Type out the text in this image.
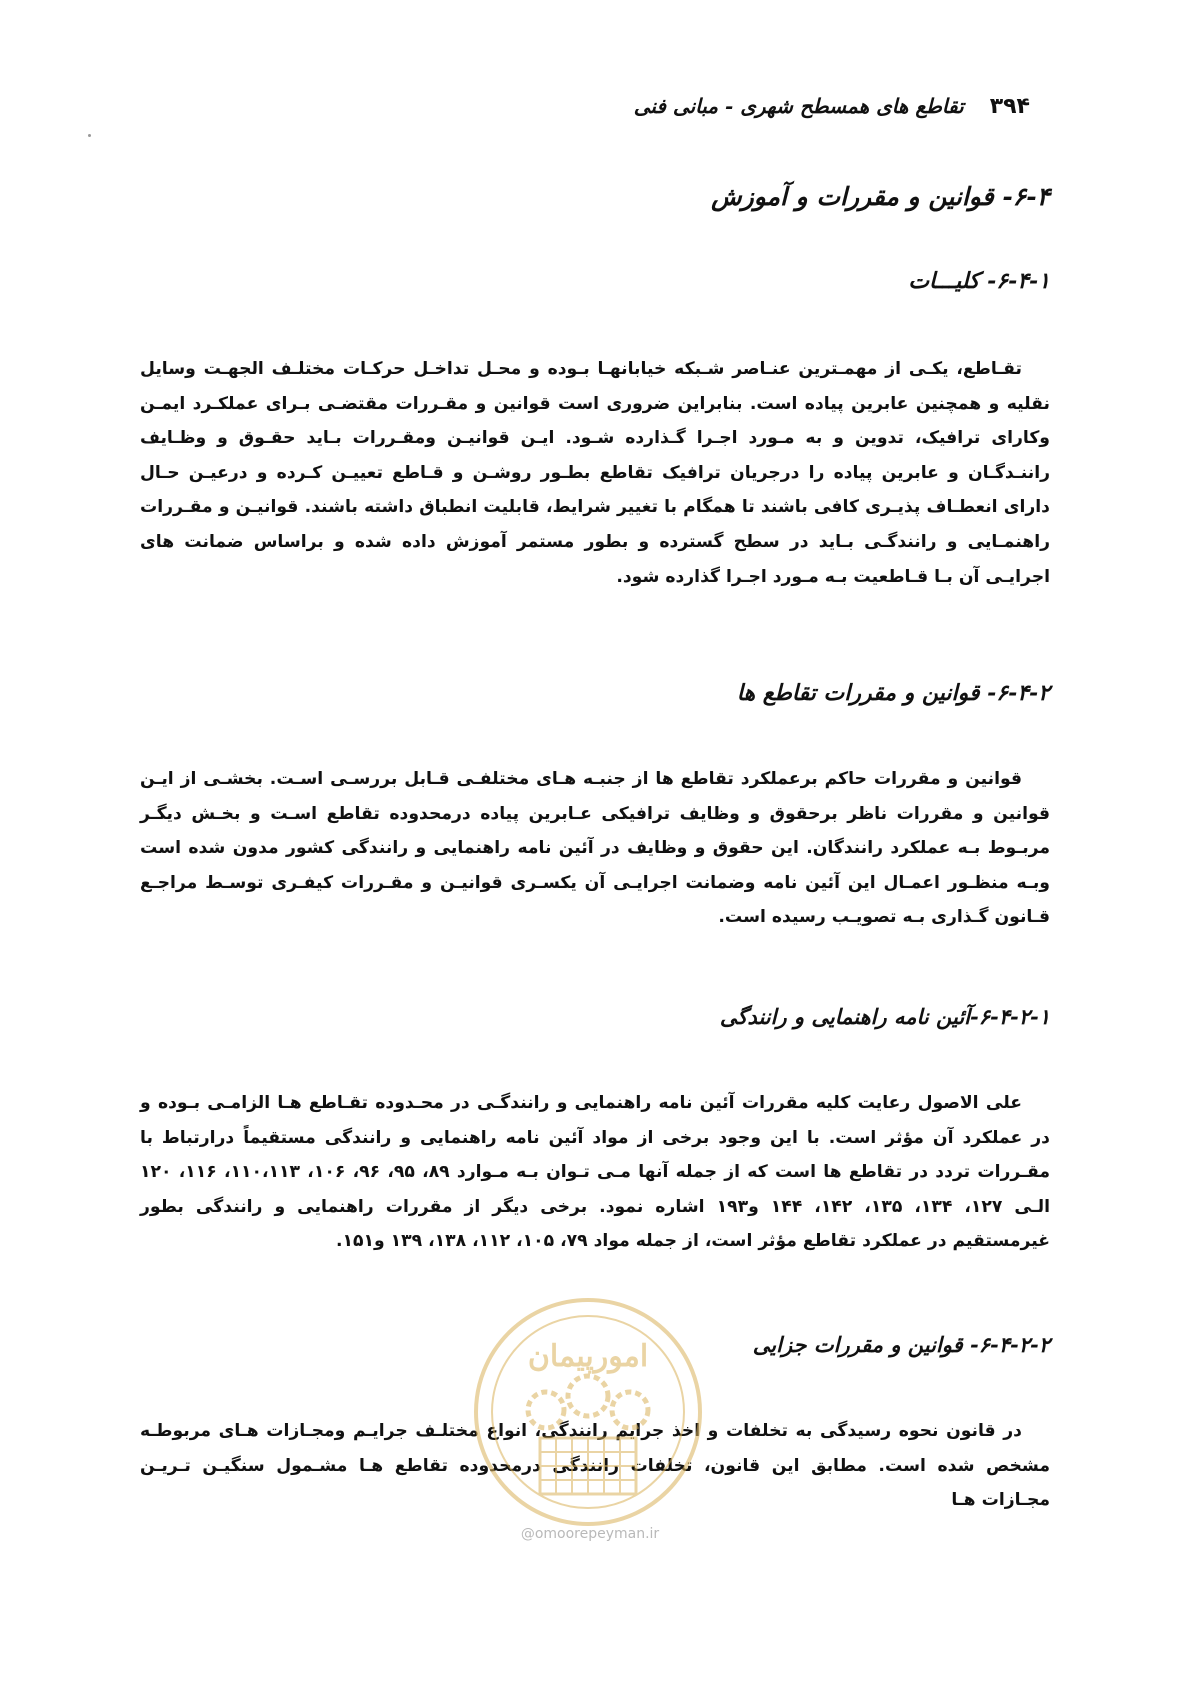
۳۹۴
تقاطع های همسطح شهری - مبانی فنی
۶-۴- قوانین و مقررات و آموزش
۶-۴-۱- کلیـــات
تقـاطع، یکـی از مهمـترین عنـاصر شـبکه خیابانهـا بـوده و محـل تداخـل حرکـات مختلـف الجهـت وسایل نقلیه و همچنین عابرین پیاده است. بنابراین ضروری است قوانین و مقـررات مقتضـی بـرای عملکـرد ایمـن وکارای ترافیک، تدوین و به مـورد اجـرا گـذارده شـود. ایـن قوانیـن ومقـررات بـاید حقـوق و وظـایف راننـدگـان و عابرین پیاده را درجریان ترافیک تقاطع بطـور روشـن و قـاطع تعییـن کـرده و درعیـن حـال دارای انعطـاف پذیـری کافی باشند تا همگام با تغییر شرایط، قابلیت انطباق داشته باشند. قوانیـن و مقـررات راهنمـایی و رانندگـی بـاید در سطح گسترده و بطور مستمر آموزش داده شده و براساس ضمانت های اجرایـی آن بـا قـاطعیت بـه مـورد اجـرا گذارده شود.
۶-۴-۲- قوانین و مقررات تقاطع ها
قوانین و مقررات حاکم برعملکرد تقاطع ها از جنبـه هـای مختلفـی قـابل بررسـی اسـت. بخشـی از ایـن قوانین و مقررات ناظر برحقوق و وظایف ترافیکی عـابرین پیاده درمحدوده تقاطع اسـت و بخـش دیگـر مربـوط بـه عملکرد رانندگان. این حقوق و وظایف در آئین نامه راهنمایی و رانندگی کشور مدون شده است وبـه منظـور اعمـال این آئین نامه وضمانت اجرایـی آن یکسـری قوانیـن و مقـررات کیفـری توسـط مراجـع قـانون گـذاری بـه تصویـب رسیده است.
۶-۴-۲-۱-آئین نامه راهنمایی و رانندگی
علی الاصول رعایت کلیه مقررات آئین نامه راهنمایی و رانندگـی در محـدوده تقـاطع هـا الزامـی بـوده و در عملکرد آن مؤثر است. با این وجود برخی از مواد آئین نامه راهنمایی و رانندگی مستقیماً درارتباط با مقـررات تردد در تقاطع ها است که از جمله آنها مـی تـوان بـه مـوارد ۸۹، ۹۵، ۹۶، ۱۰۶، ۱۱۰،۱۱۳، ۱۱۶، ۱۲۰ الـی ۱۲۷، ۱۳۴، ۱۳۵، ۱۴۲، ۱۴۴ و۱۹۳ اشاره نمود. برخی دیگر از مقررات راهنمایی و رانندگی بطور غیرمستقیم در عملکرد تقاطع مؤثر است، از جمله مواد ۷۹، ۱۰۵، ۱۱۲، ۱۳۸، ۱۳۹ و۱۵۱.
۶-۴-۲-۲- قوانین و مقررات جزایی
در قانون نحوه رسیدگی به تخلفات و اخذ جرایم رانندگی، انواع مختلـف جرایـم ومجـازات هـای مربوطـه مشخص شده است. مطابق این قانون، تخلفات رانندگی درمحدوده تقاطع هـا مشـمول سنگیـن تـریـن مجـازات هـا
امورپیمان
@omoorepeyman.ir
